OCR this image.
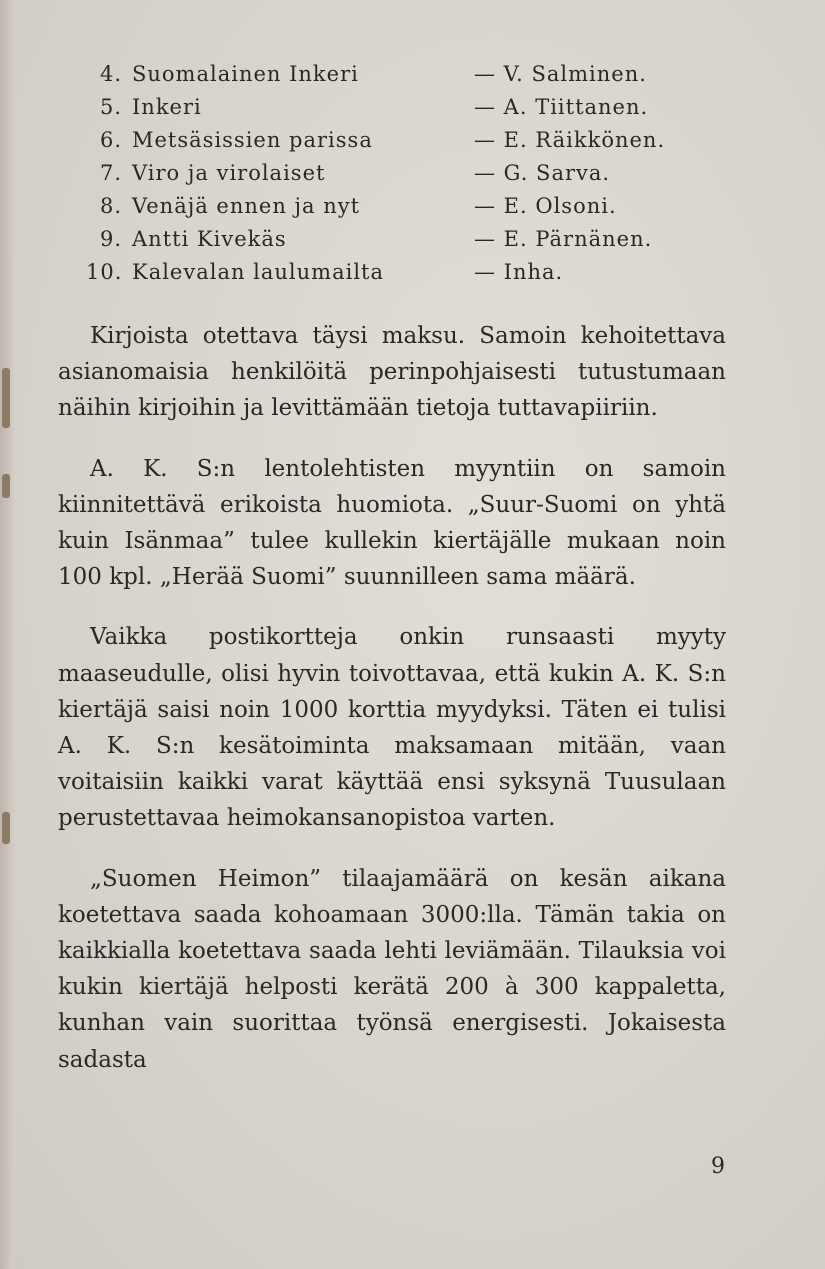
4. Suomalainen Inkeri	— V. Salminen.
5. Inkeri	— A. Tiittanen.
6. Metsäsissien parissa	— E. Räikkönen.
7. Viro ja virolaiset	— G. Sarva.
8. Venäjä ennen ja nyt	— E. Olsoni.
9. Antti Kivekäs	— E. Pärnänen.
10. Kalevalan laulumailta	— Inha.

Kirjoista otettava täysi maksu. Samoin kehoitettava asianomaisia henkilöitä perinpohjaisesti tutustumaan näihin kirjoihin ja levittämään tietoja tuttavapiiriin.

A. K. S:n lentolehtisten myyntiin on samoin kiinnitettävä erikoista huomiota. „Suur-Suomi on yhtä kuin Isänmaa” tulee kullekin kiertäjälle mukaan noin 100 kpl. „Herää Suomi” suunnilleen sama määrä.

Vaikka postikortteja onkin runsaasti myyty maaseudulle, olisi hyvin toivottavaa, että kukin A. K. S:n kiertäjä saisi noin 1000 korttia myydyksi. Täten ei tulisi A. K. S:n kesätoiminta maksamaan mitään, vaan voitaisiin kaikki varat käyttää ensi syksynä Tuusulaan perustettavaa heimokansanopistoa varten.

„Suomen Heimon” tilaajamäärä on kesän aikana koetettava saada kohoamaan 3000:lla. Tämän takia on kaikkialla koetettava saada lehti leviämään. Tilauksia voi kukin kiertäjä helposti kerätä 200 à 300 kappaletta, kunhan vain suorittaa työnsä energisesti. Jokaisesta sadasta

9
